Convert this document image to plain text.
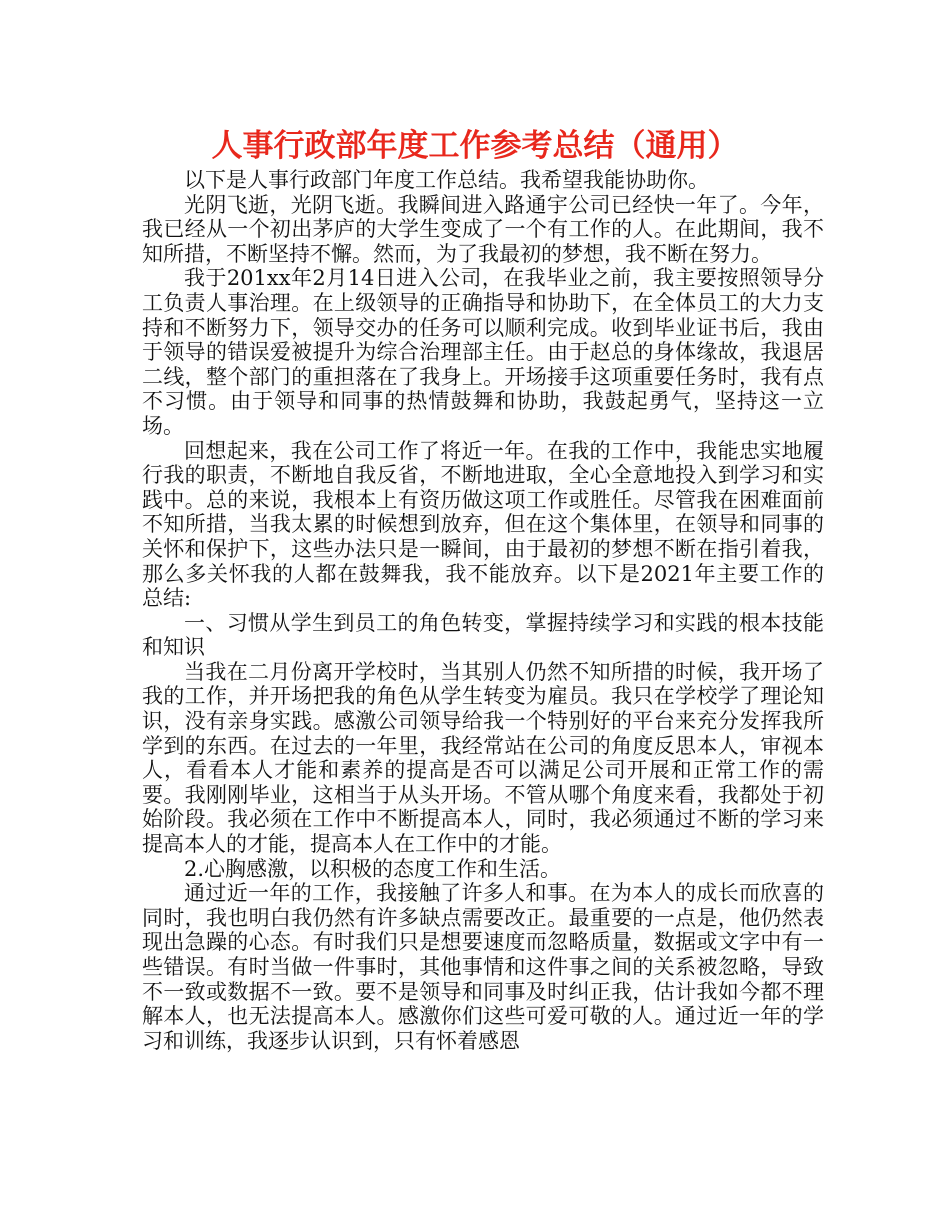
人事行政部年度工作参考总结（通用）

以下是人事行政部门年度工作总结。我希望我能协助你。

光阴飞逝，光阴飞逝。我瞬间进入路通宇公司已经快一年了。今年，我已经从一个初出茅庐的大学生变成了一个有工作的人。在此期间，我不知所措，不断坚持不懈。然而，为了我最初的梦想，我不断在努力。

我于201xx年2月14日进入公司，在我毕业之前，我主要按照领导分工负责人事治理。在上级领导的正确指导和协助下，在全体员工的大力支持和不断努力下，领导交办的任务可以顺利完成。收到毕业证书后，我由于领导的错误爱被提升为综合治理部主任。由于赵总的身体缘故，我退居二线，整个部门的重担落在了我身上。开场接手这项重要任务时，我有点不习惯。由于领导和同事的热情鼓舞和协助，我鼓起勇气，坚持这一立场。

回想起来，我在公司工作了将近一年。在我的工作中，我能忠实地履行我的职责，不断地自我反省，不断地进取，全心全意地投入到学习和实践中。总的来说，我根本上有资历做这项工作或胜任。尽管我在困难面前不知所措，当我太累的时候想到放弃，但在这个集体里，在领导和同事的关怀和保护下，这些办法只是一瞬间，由于最初的梦想不断在指引着我，那么多关怀我的人都在鼓舞我，我不能放弃。以下是2021年主要工作的总结:

一、习惯从学生到员工的角色转变，掌握持续学习和实践的根本技能和知识

当我在二月份离开学校时，当其别人仍然不知所措的时候，我开场了我的工作，并开场把我的角色从学生转变为雇员。我只在学校学了理论知识，没有亲身实践。感激公司领导给我一个特别好的平台来充分发挥我所学到的东西。在过去的一年里，我经常站在公司的角度反思本人，审视本人，看看本人才能和素养的提高是否可以满足公司开展和正常工作的需要。我刚刚毕业，这相当于从头开场。不管从哪个角度来看，我都处于初始阶段。我必须在工作中不断提高本人，同时，我必须通过不断的学习来提高本人的才能，提高本人在工作中的才能。

2.心胸感激，以积极的态度工作和生活。

通过近一年的工作，我接触了许多人和事。在为本人的成长而欣喜的同时，我也明白我仍然有许多缺点需要改正。最重要的一点是，他仍然表现出急躁的心态。有时我们只是想要速度而忽略质量，数据或文字中有一些错误。有时当做一件事时，其他事情和这件事之间的关系被忽略，导致不一致或数据不一致。要不是领导和同事及时纠正我，估计我如今都不理解本人，也无法提高本人。感激你们这些可爱可敬的人。通过近一年的学习和训练，我逐步认识到，只有怀着感恩
